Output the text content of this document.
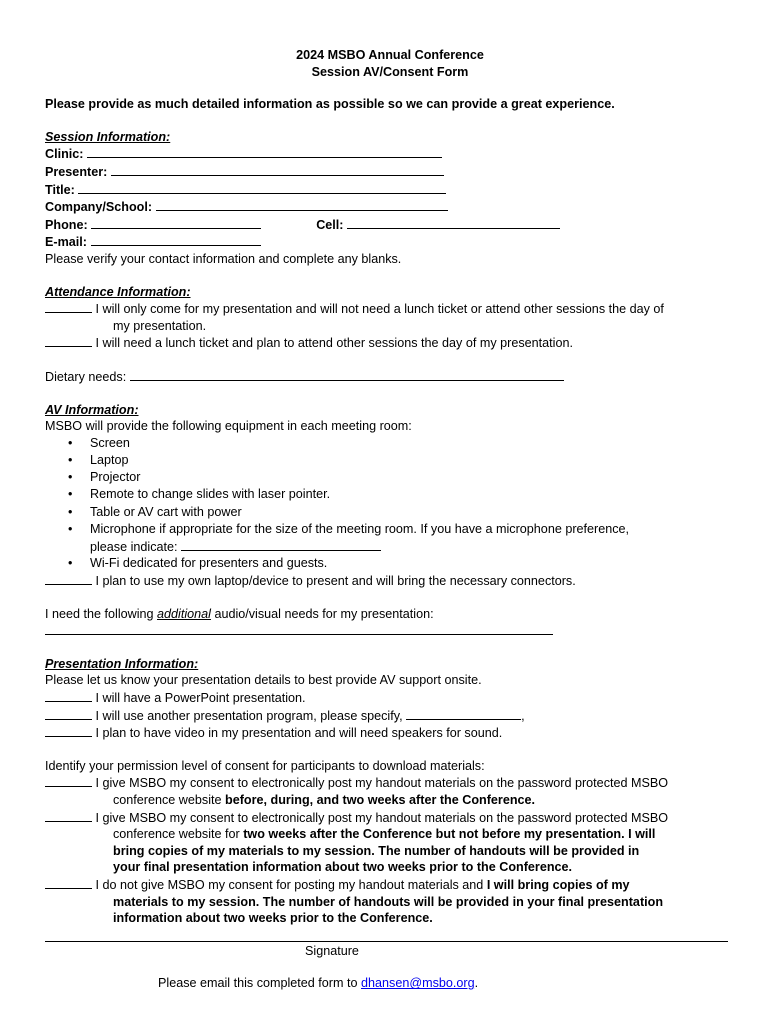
2024 MSBO Annual Conference
Session AV/Consent Form
Please provide as much detailed information as possible so we can provide a great experience.
Session Information:
Clinic:
Presenter:
Title:
Company/School:
Phone:	Cell:
E-mail:
Please verify your contact information and complete any blanks.
Attendance Information:
I will only come for my presentation and will not need a lunch ticket or attend other sessions the day of
my presentation.
I will need a lunch ticket and plan to attend other sessions the day of my presentation.
Dietary needs:
AV Information:
MSBO will provide the following equipment in each meeting room:
• Screen
• Laptop
• Projector
• Remote to change slides with laser pointer.
• Table or AV cart with power
• Microphone if appropriate for the size of the meeting room. If you have a microphone preference,
please indicate:
• Wi-Fi dedicated for presenters and guests.
I plan to use my own laptop/device to present and will bring the necessary connectors.
I need the following additional audio/visual needs for my presentation:
Presentation Information:
Please let us know your presentation details to best provide AV support onsite.
I will have a PowerPoint presentation.
I will use another presentation program, please specify,	,
I plan to have video in my presentation and will need speakers for sound.
Identify your permission level of consent for participants to download materials:
I give MSBO my consent to electronically post my handout materials on the password protected MSBO
conference website before, during, and two weeks after the Conference.
I give MSBO my consent to electronically post my handout materials on the password protected MSBO
conference website for two weeks after the Conference but not before my presentation. I will
bring copies of my materials to my session. The number of handouts will be provided in
your final presentation information about two weeks prior to the Conference.
I do not give MSBO my consent for posting my handout materials and I will bring copies of my
materials to my session. The number of handouts will be provided in your final presentation
information about two weeks prior to the Conference.
Signature
Please email this completed form to dhansen@msbo.org.
